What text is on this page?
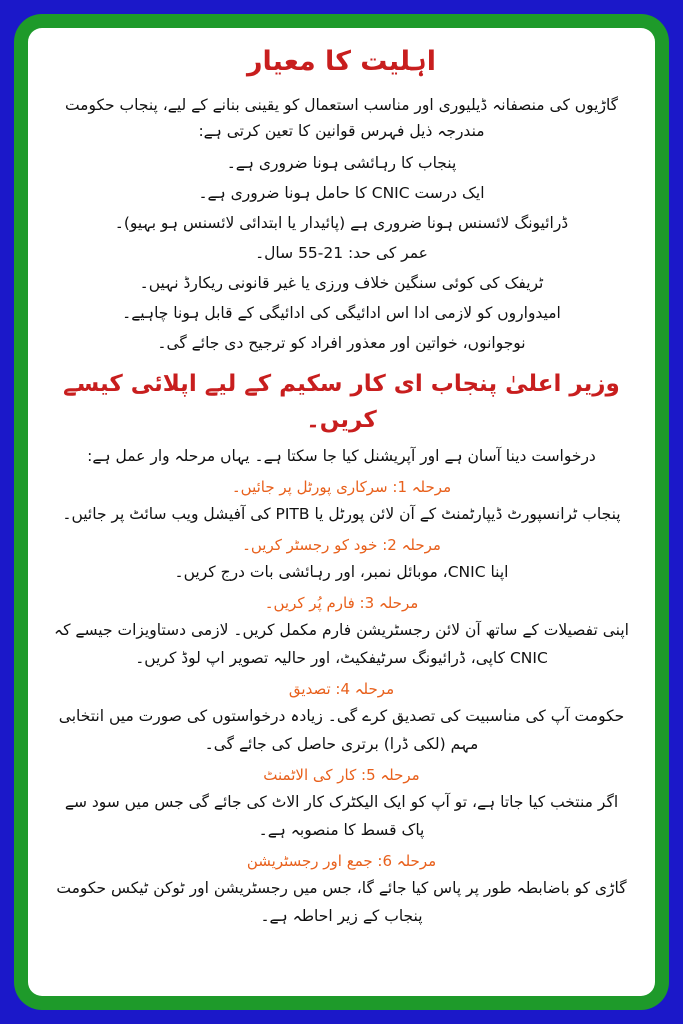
اہلیت کا معیار

گاڑیوں کی منصفانہ ڈیلیوری اور مناسب استعمال کو یقینی بنانے کے لیے، پنجاب حکومت مندرجہ ذیل فہرس قوانین کا تعین کرتی ہے:

پنجاب کا رہائشی ہونا ضروری ہے۔

ایک درست CNIC کا حامل ہونا ضروری ہے۔

ڈرائیونگ لائسنس ہونا ضروری ہے (پائیدار یا ابتدائی لائسنس ہو بہیو)۔

عمر کی حد: 21-55 سال۔

ٹریفک کی کوئی سنگین خلاف ورزی یا غیر قانونی ریکارڈ نہیں۔

امیدواروں کو لازمی ادا اس ادائیگی کی ادائیگی کے قابل ہونا چاہیے۔

نوجوانوں، خواتین اور معذور افراد کو ترجیح دی جائے گی۔

وزیر اعلیٰ پنجاب ای کار سکیم کے لیے اپلائی کیسے کریں۔

درخواست دینا آسان ہے اور آپریشنل کیا جا سکتا ہے۔ یہاں مرحلہ وار عمل ہے:

مرحلہ 1: سرکاری پورٹل پر جائیں۔

پنجاب ٹرانسپورٹ ڈیپارٹمنٹ کے آن لائن پورٹل یا PITB کی آفیشل ویب سائٹ پر جائیں۔

مرحلہ 2: خود کو رجسٹر کریں۔

اپنا CNIC، موبائل نمبر، اور رہائشی بات درج کریں۔

مرحلہ 3: فارم پُر کریں۔

اپنی تفصیلات کے ساتھ آن لائن رجسٹریشن فارم مکمل کریں۔ لازمی دستاویزات جیسے کہ CNIC کاپی، ڈرائیونگ سرٹیفکیٹ، اور حالیہ تصویر اپ لوڈ کریں۔

مرحلہ 4: تصدیق

حکومت آپ کی مناسبیت کی تصدیق کرے گی۔ زیادہ درخواستوں کی صورت میں انتخابی مہم (لکی ڈرا) برتری حاصل کی جائے گی۔

مرحلہ 5: کار کی الاٹمنٹ

اگر منتخب کیا جاتا ہے، تو آپ کو ایک الیکٹرک کار الاٹ کی جائے گی جس میں سود سے پاک قسط کا منصوبہ ہے۔

مرحلہ 6: جمع اور رجسٹریشن

گاڑی کو باضابطہ طور پر پاس کیا جائے گا، جس میں رجسٹریشن اور ٹوکن ٹیکس حکومت پنجاب کے زیر احاطہ ہے۔
